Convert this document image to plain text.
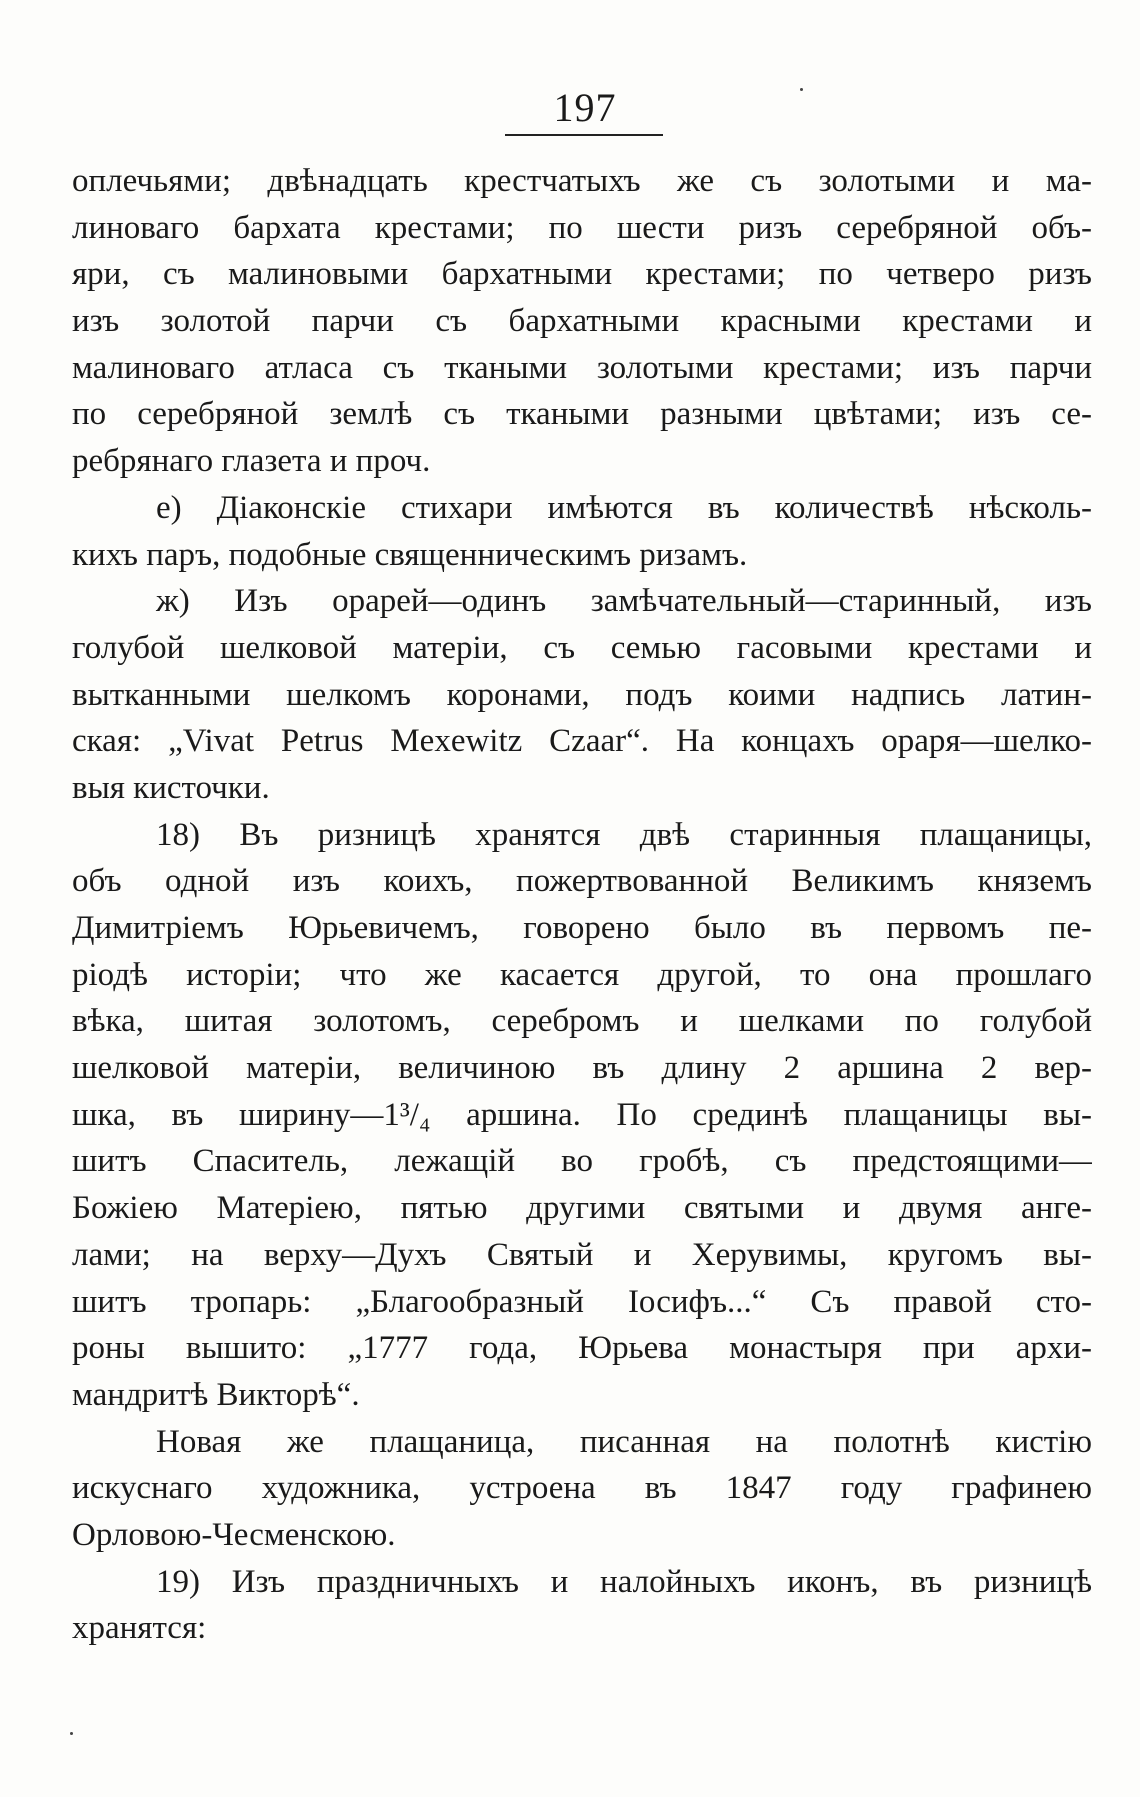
197
оплечьями; двѣнадцать крестчатыхъ же съ золотыми и ма-
линоваго бархата крестами; по шести ризъ серебряной объ-
яри, съ малиновыми бархатными крестами; по четверо ризъ
изъ золотой парчи съ бархатными красными крестами и
малиноваго атласа съ ткаными золотыми крестами; изъ парчи
по серебряной землѣ съ ткаными разными цвѣтами; изъ се-
ребрянаго глазета и проч.
е) Діаконскіе стихари имѣются въ количествѣ нѣсколь-
кихъ паръ, подобные священническимъ ризамъ.
ж) Изъ орарей—одинъ замѣчательный—старинный, изъ
голубой шелковой матеріи, съ семью гасовыми крестами и
вытканными шелкомъ коронами, подъ коими надпись латин-
ская: „Vivat Petrus Mexewitz Czaar“. На концахъ ораря—шелко-
выя кисточки.
18) Въ ризницѣ хранятся двѣ старинныя плащаницы,
объ одной изъ коихъ, пожертвованной Великимъ княземъ
Димитріемъ Юрьевичемъ, говорено было въ первомъ пе-
ріодѣ исторіи; что же касается другой, то она прошлаго
вѣка, шитая золотомъ, серебромъ и шелками по голубой
шелковой матеріи, величиною въ длину 2 аршина 2 вер-
шка, въ ширину—1³/₄ аршина. По срединѣ плащаницы вы-
шитъ Спаситель, лежащій во гробѣ, съ предстоящими—
Божіею Матеріею, пятью другими святыми и двумя анге-
лами; на верху—Духъ Святый и Херувимы, кругомъ вы-
шитъ тропарь: „Благообразный Іосифъ...“ Съ правой сто-
роны вышито: „1777 года, Юрьева монастыря при архи-
мандритѣ Викторѣ“.
Новая же плащаница, писанная на полотнѣ кистію
искуснаго художника, устроена въ 1847 году графинею
Орловою-Чесменскою.
19) Изъ праздничныхъ и налойныхъ иконъ, въ ризницѣ
хранятся:
